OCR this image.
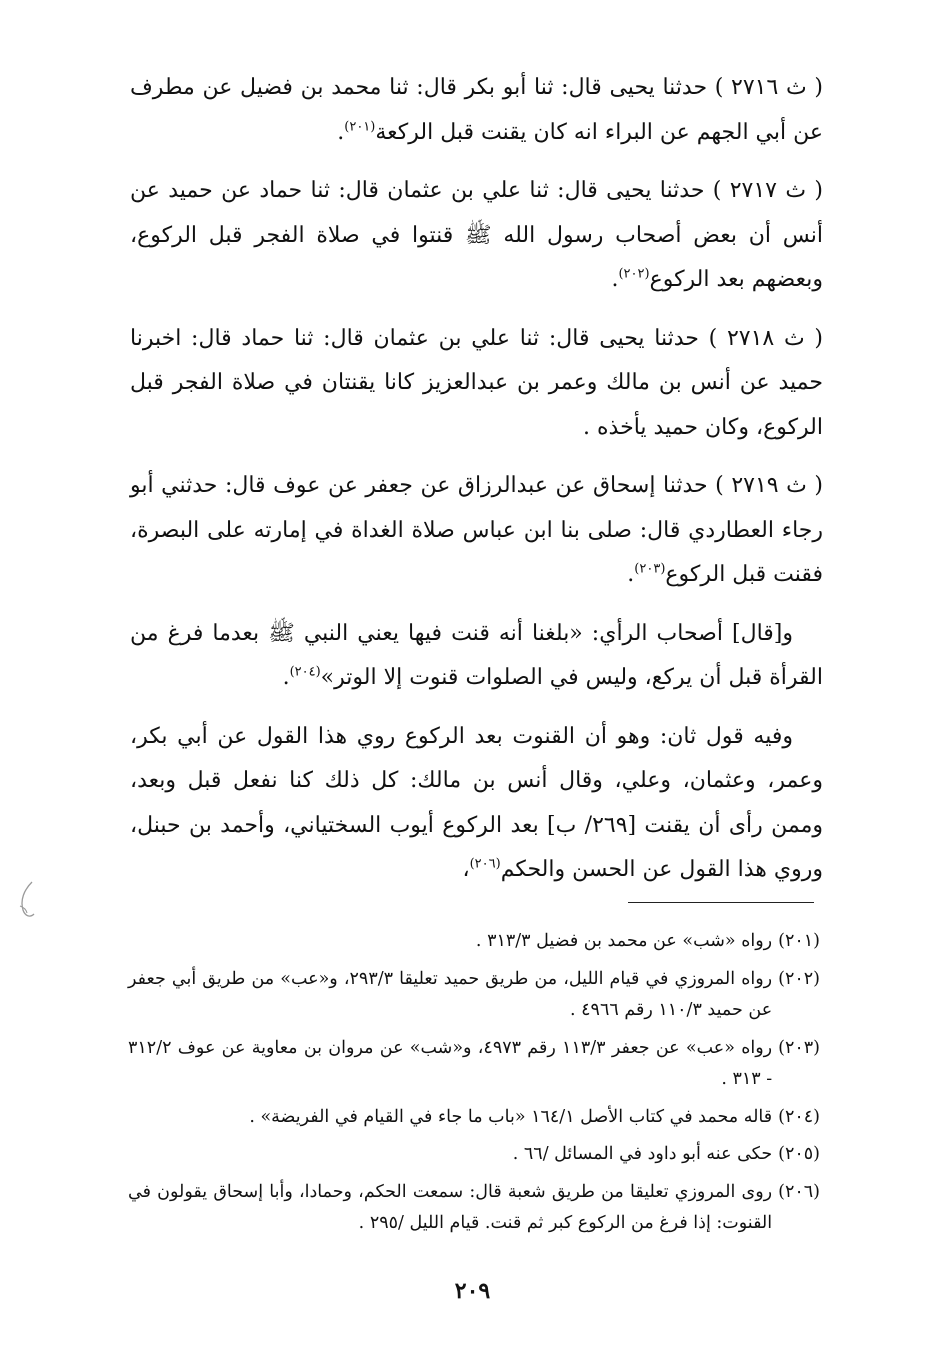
( ث ٢٧١٦ ) حدثنا يحيى قال: ثنا أبو بكر قال: ثنا محمد بن فضيل عن مطرف عن أبي الجهم عن البراء انه كان يقنت قبل الركعة$^{(٢٠١)}$.

( ث ٢٧١٧ ) حدثنا يحيى قال: ثنا علي بن عثمان قال: ثنا حماد عن حميد عن أنس أن بعض أصحاب رسول الله ﷺ قنتوا في صلاة الفجر قبل الركوع، وبعضهم بعد الركوع$^{(٢٠٢)}$.

( ث ٢٧١٨ ) حدثنا يحيى قال: ثنا علي بن عثمان قال: ثنا حماد قال: اخبرنا حميد عن أنس بن مالك وعمر بن عبدالعزيز كانا يقنتان في صلاة الفجر قبل الركوع، وكان حميد يأخذه .

( ث ٢٧١٩ ) حدثنا إسحاق عن عبدالرزاق عن جعفر عن عوف قال: حدثني أبو رجاء العطاردي قال: صلى بنا ابن عباس صلاة الغداة في إمارته على البصرة، فقنت قبل الركوع$^{(٢٠٣)}$.

و[قال] أصحاب الرأي: «بلغنا أنه قنت فيها يعني النبي ﷺ بعدما فرغ من القرأة قبل أن يركع، وليس في الصلوات قنوت إلا الوتر»$^{(٢٠٤)}$.

وفيه قول ثان: وهو أن القنوت بعد الركوع روي هذا القول عن أبي بكر، وعمر، وعثمان، وعلي، وقال أنس بن مالك: كل ذلك كنا نفعل قبل وبعد، وممن رأى أن يقنت [٢٦٩/ ب] بعد الركوع أيوب السختياني، وأحمد بن حبنل، وروي هذا القول عن الحسن والحكم$^{(٢٠٦)}$،

(٢٠١)
رواه «شب» عن محمد بن فضيل ٣١٣/٣ .
(٢٠٢)
رواه المروزي في قيام الليل، من طريق حميد تعليقا ٢٩٣/٣، و«عب» من طريق أبي جعفر عن حميد ١١٠/٣ رقم ٤٩٦٦ .
(٢٠٣)
رواه «عب» عن جعفر ١١٣/٣ رقم ٤٩٧٣، و«شب» عن مروان بن معاوية عن عوف ٣١٢/٢ - ٣١٣ .
(٢٠٤)
قاله محمد في كتاب الأصل ١٦٤/١ «باب ما جاء في القيام في الفريضة» .
(٢٠٥)
حكى عنه أبو داود في المسائل /٦٦ .
(٢٠٦)
روى المروزي تعليقا من طريق شعبة قال: سمعت الحكم، وحمادا، وأبا إسحاق يقولون في القنوت: إذا فرغ من الركوع كبر ثم قنت. قيام الليل /٢٩٥ .
٢٠٩
